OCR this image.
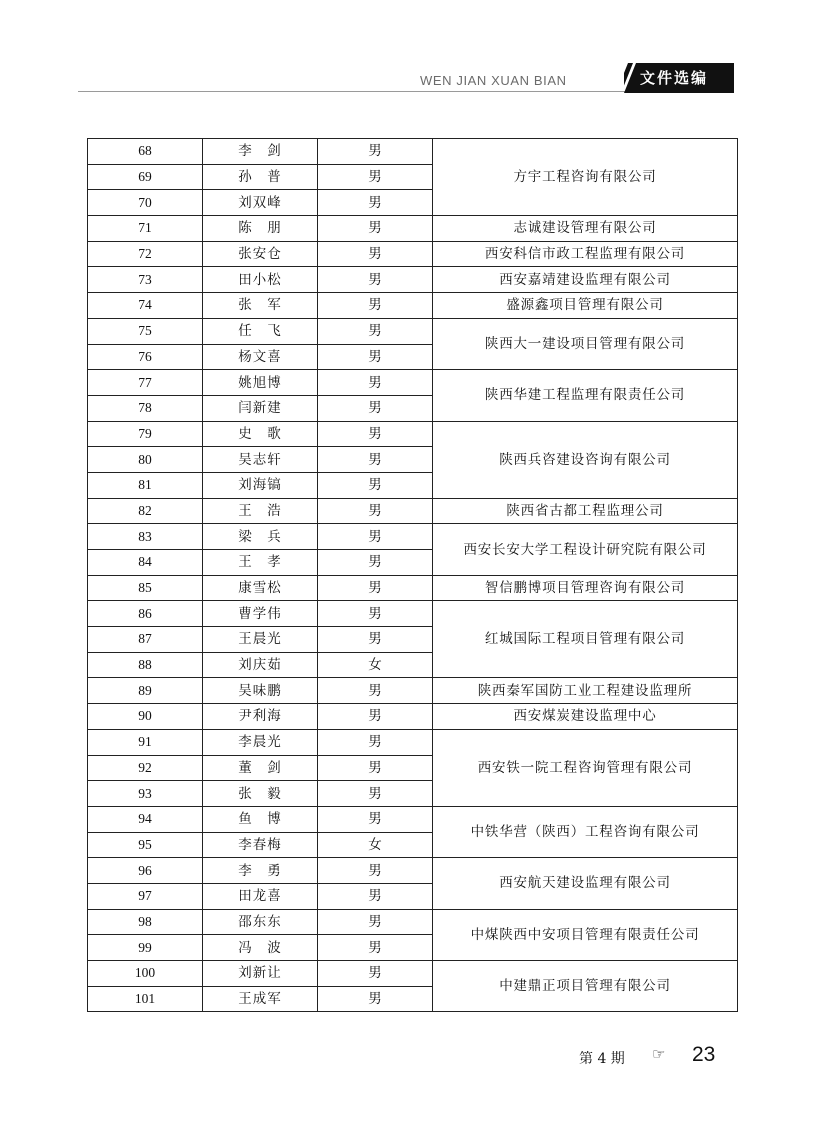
WEN JIAN XUAN BIAN	文件选编
68	李　剑	男	方宇工程咨询有限公司
69	孙　普	男	
70	刘双峰	男	
71	陈　朋	男	志诚建设管理有限公司
72	张安仓	男	西安科信市政工程监理有限公司
73	田小松	男	西安嘉靖建设监理有限公司
74	张　军	男	盛源鑫项目管理有限公司
75	任　飞	男	陕西大一建设项目管理有限公司
76	杨文喜	男	
77	姚旭博	男	陕西华建工程监理有限责任公司
78	闫新建	男	
79	史　歌	男	陕西兵咨建设咨询有限公司
80	吴志轩	男	
81	刘海镐	男	
82	王　浩	男	陕西省古都工程监理公司
83	梁　兵	男	西安长安大学工程设计研究院有限公司
84	王　孝	男	
85	康雪松	男	智信鹏博项目管理咨询有限公司
86	曹学伟	男	红城国际工程项目管理有限公司
87	王晨光	男	
88	刘庆茹	女	
89	吴味鹏	男	陕西秦军国防工业工程建设监理所
90	尹利海	男	西安煤炭建设监理中心
91	李晨光	男	西安铁一院工程咨询管理有限公司
92	董　剑	男	
93	张　毅	男	
94	鱼　博	男	中铁华营（陕西）工程咨询有限公司
95	李春梅	女	
96	李　勇	男	西安航天建设监理有限公司
97	田龙喜	男	
98	邵东东	男	中煤陕西中安项目管理有限责任公司
99	冯　波	男	
100	刘新让	男	中建鼎正项目管理有限公司
101	王成军	男	
第 4 期 ☞ 23
